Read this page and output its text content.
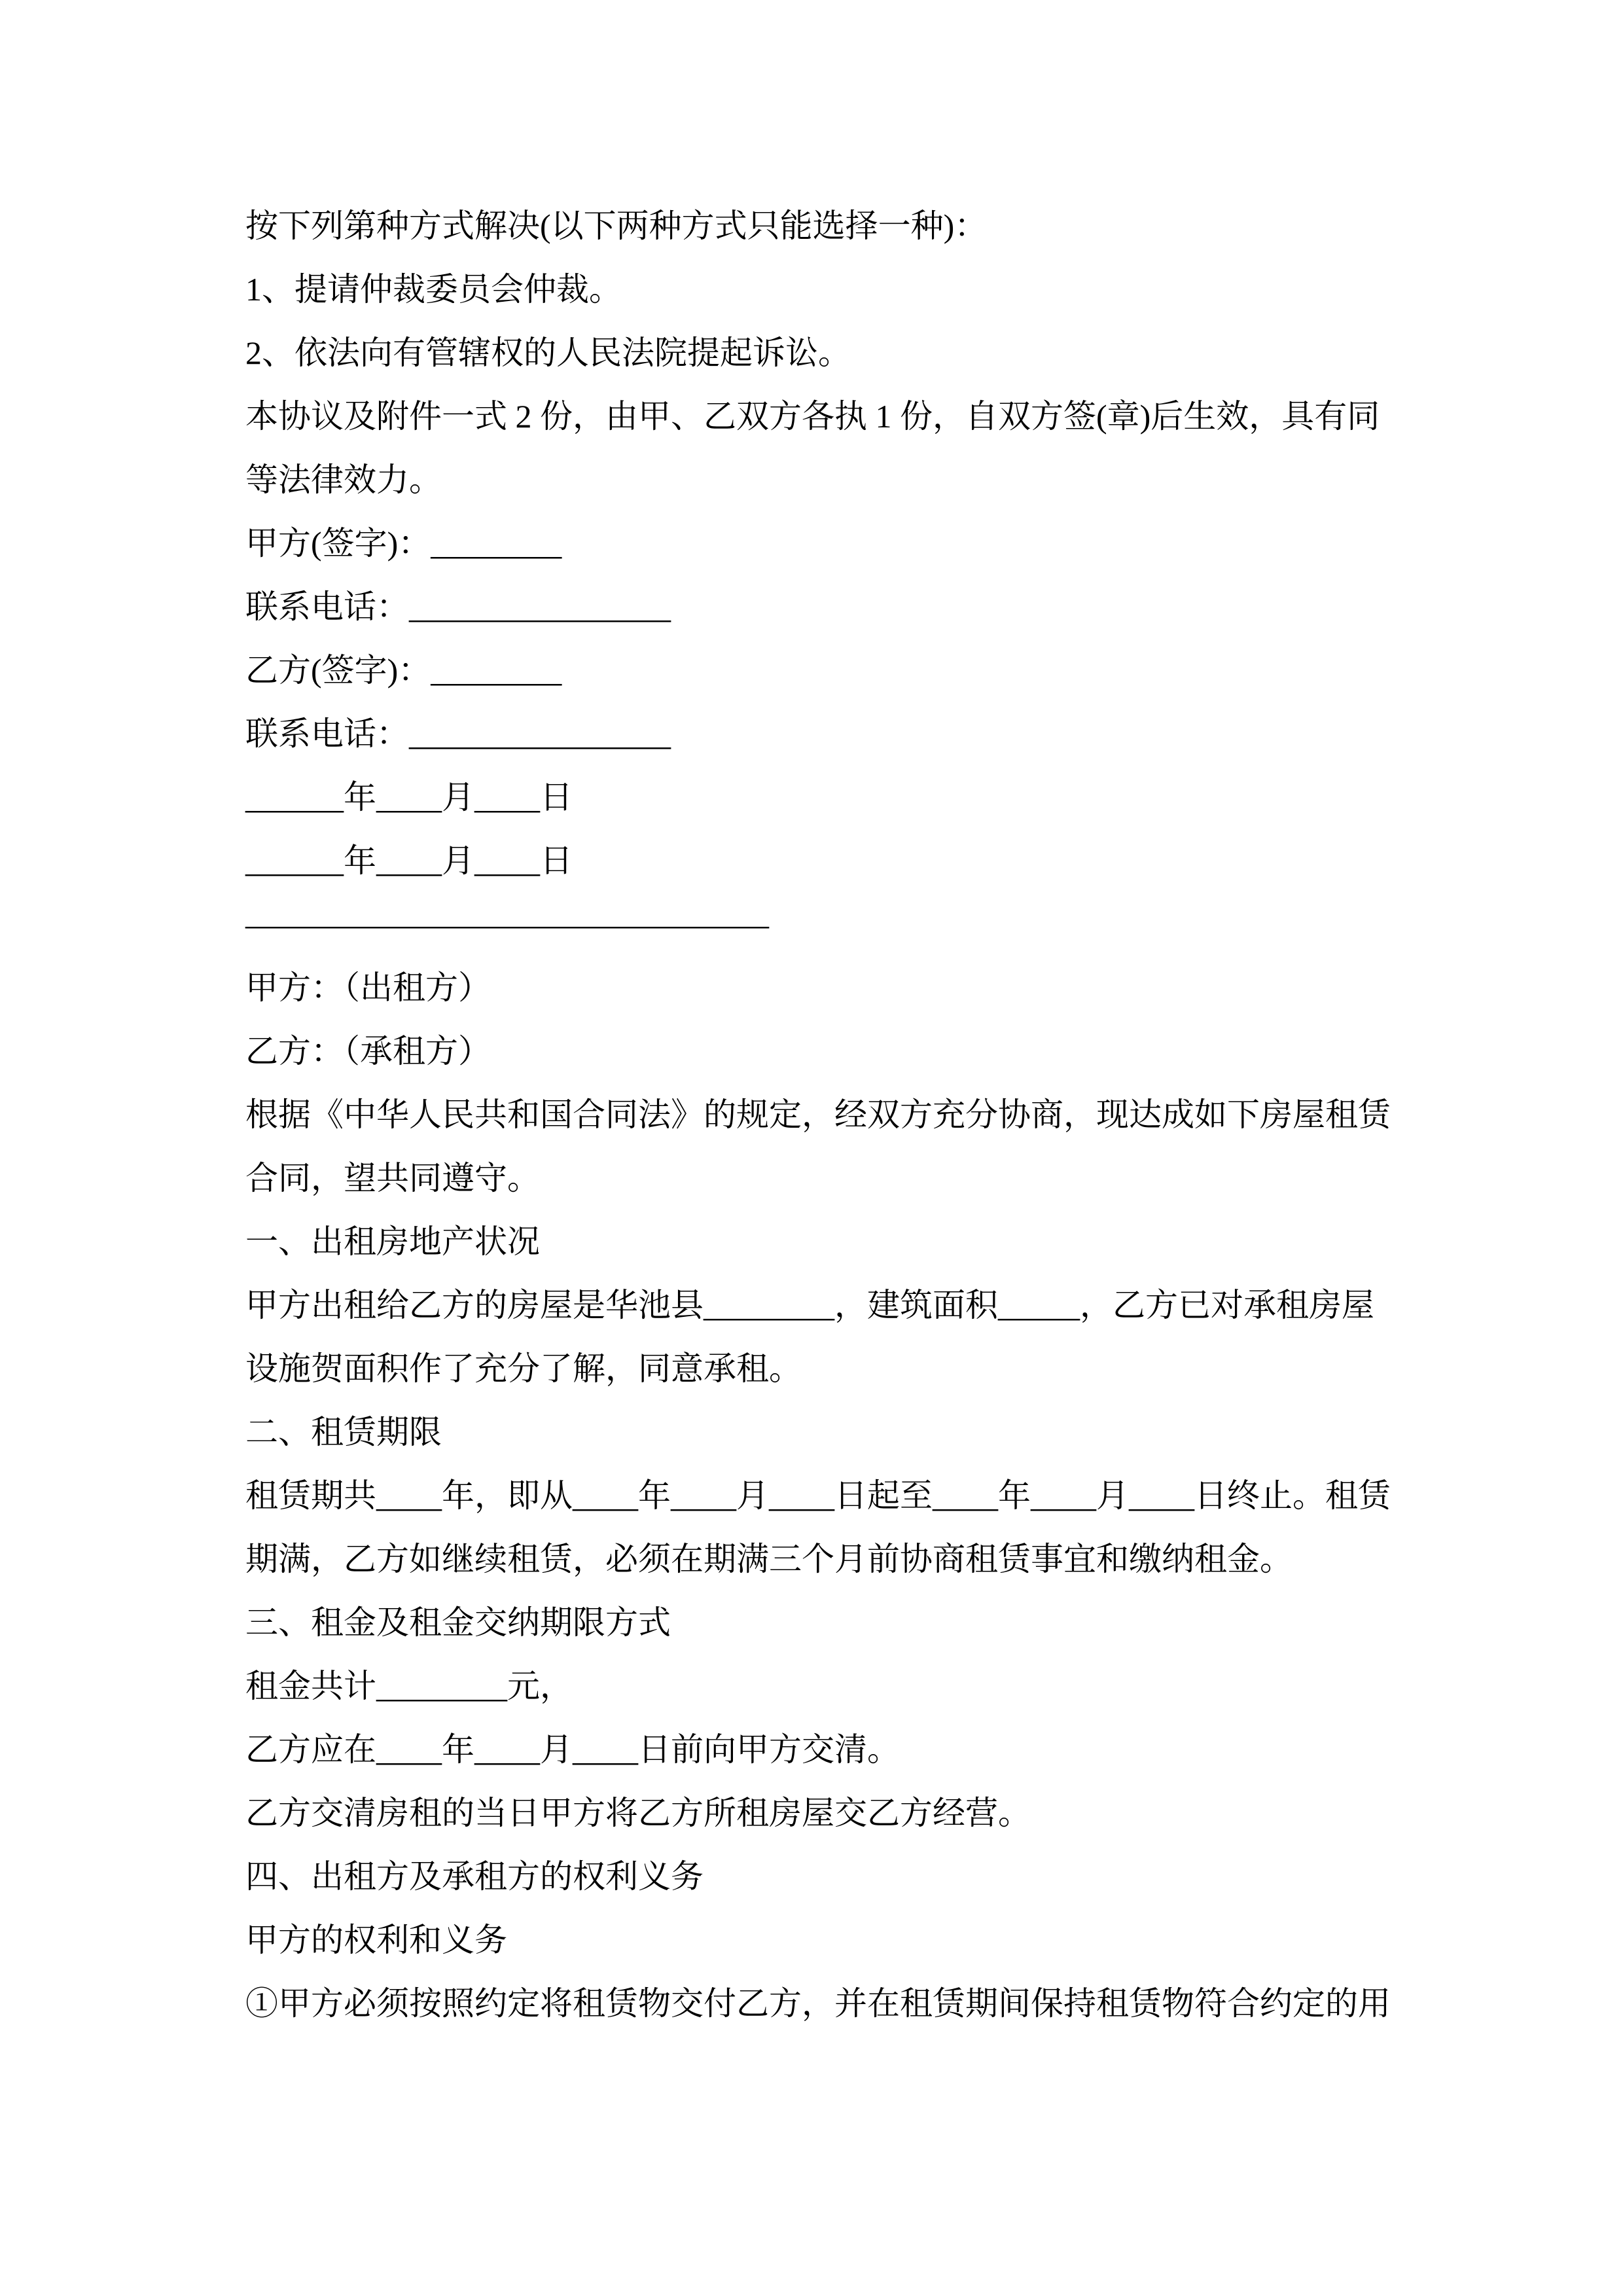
按下列第种方式解决(以下两种方式只能选择一种)：
1、提请仲裁委员会仲裁。
2、依法向有管辖权的人民法院提起诉讼。
本协议及附件一式 2 份，由甲、乙双方各执 1 份，自双方签(章)后生效，具有同
等法律效力。
甲方(签字)：________
联系电话：________________
乙方(签字)：________
联系电话：________________
______年____月____日
______年____月____日
————————————————
甲方：（出租方）
乙方：（承租方）
根据《中华人民共和国合同法》的规定，经双方充分协商，现达成如下房屋租赁
合同，望共同遵守。
一、出租房地产状况
甲方出租给乙方的房屋是华池县________，建筑面积_____，乙方已对承租房屋
设施贺面积作了充分了解，同意承租。
二、租赁期限
租赁期共____年，即从____年____月____日起至____年____月____日终止。租赁
期满，乙方如继续租赁，必须在期满三个月前协商租赁事宜和缴纳租金。
三、租金及租金交纳期限方式
租金共计________元，
乙方应在____年____月____日前向甲方交清。
乙方交清房租的当日甲方将乙方所租房屋交乙方经营。
四、出租方及承租方的权利义务
甲方的权利和义务
①甲方必须按照约定将租赁物交付乙方，并在租赁期间保持租赁物符合约定的用
